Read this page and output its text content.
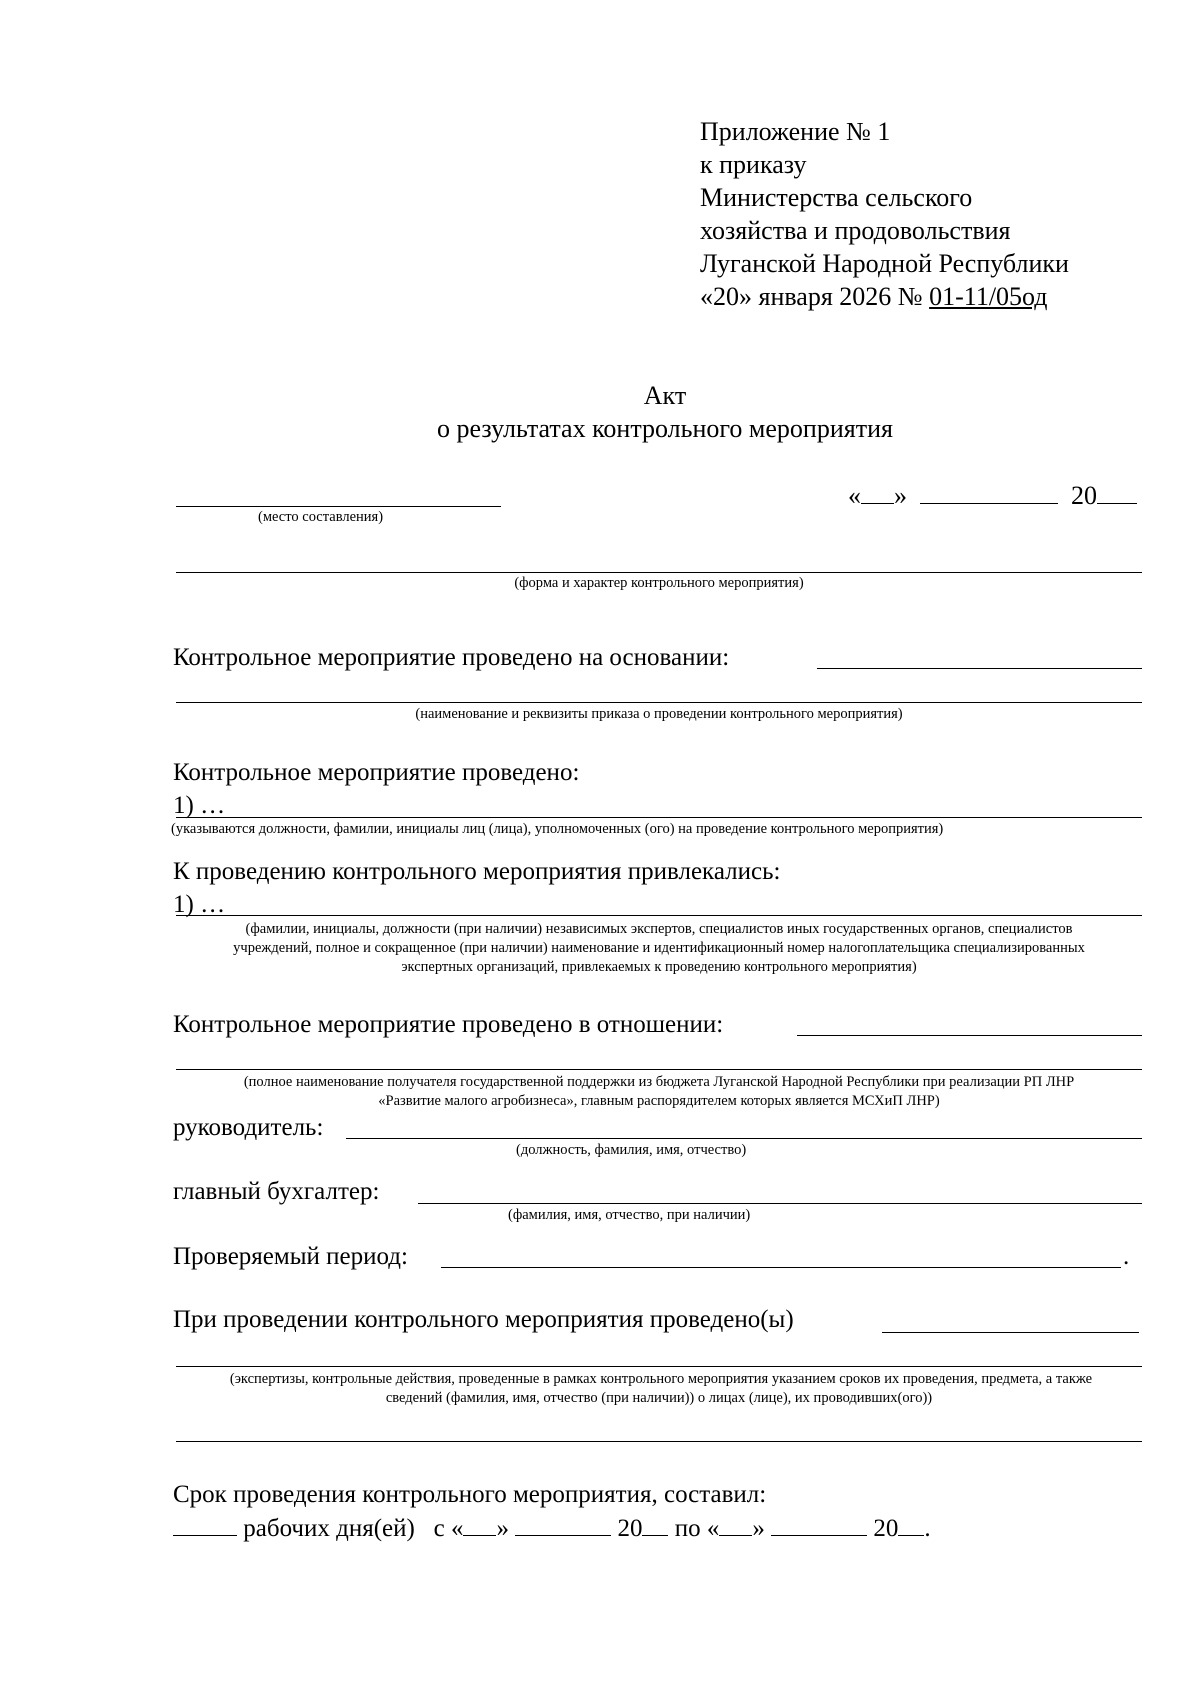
Приложение № 1
к приказу
Министерства сельского
хозяйства и продовольствия
Луганской Народной Республики
«20» января 2026 № 01-11/05од
Акт
о результатах контрольного мероприятия
(место составления)
« »	20
(форма и характер контрольного мероприятия)
Контрольное мероприятие проведено на основании:
(наименование и реквизиты приказа о проведении контрольного мероприятия)
Контрольное мероприятие проведено:
1) …
(указываются должности, фамилии, инициалы лиц (лица), уполномоченных (ого) на проведение контрольного мероприятия)
К проведению контрольного мероприятия привлекались:
1) …
(фамилии, инициалы, должности (при наличии) независимых экспертов, специалистов иных государственных органов, специалистов
учреждений, полное и сокращенное (при наличии) наименование и идентификационный номер налогоплательщика специализированных
экспертных организаций, привлекаемых к проведению контрольного мероприятия)
Контрольное мероприятие проведено в отношении:
(полное наименование получателя государственной поддержки из бюджета Луганской Народной Республики при реализации РП ЛНР
«Развитие малого агробизнеса», главным распорядителем которых является МСХиП ЛНР)
руководитель:
(должность, фамилия, имя, отчество)
главный бухгалтер:
(фамилия, имя, отчество, при наличии)
Проверяемый период:	.
При проведении контрольного мероприятия проведено(ы)
(экспертизы, контрольные действия, проведенные в рамках контрольного мероприятия указанием сроков их проведения, предмета, а также
сведений (фамилия, имя, отчество (при наличии)) о лицах (лице), их проводивших(ого))
Срок проведения контрольного мероприятия, составил:
рабочих дня(ей) с « »	20 по « »	20 .
